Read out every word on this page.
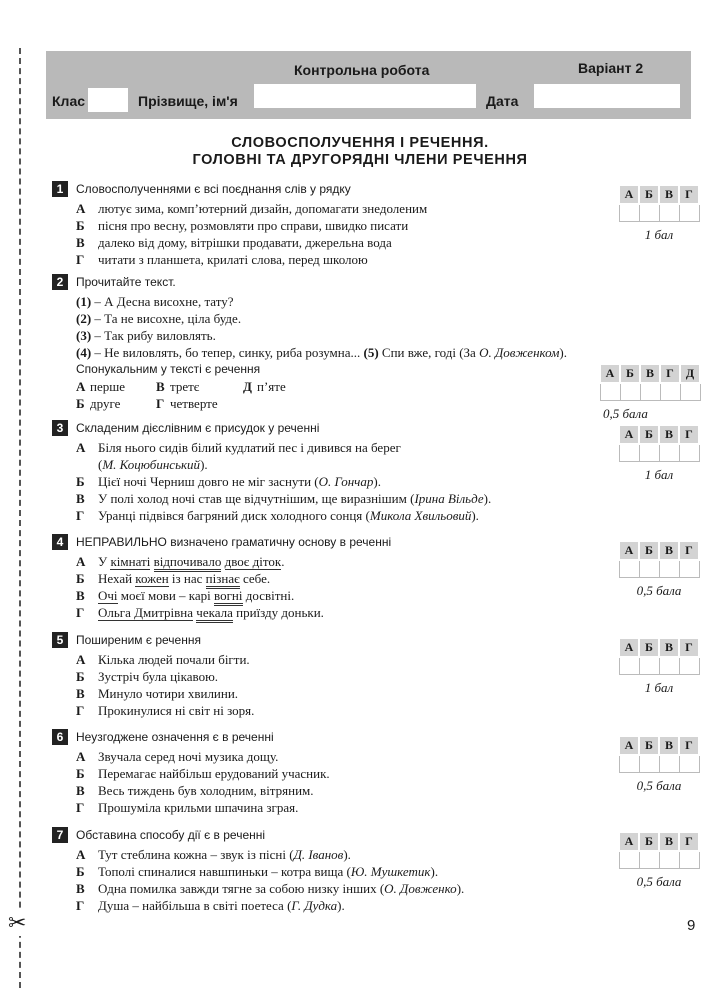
✂
Контрольна робота	Варіант 2
Клас	Прізвище, ім'я	Дата
СЛОВОСПОЛУЧЕННЯ І РЕЧЕННЯ.
ГОЛОВНІ ТА ДРУГОРЯДНІ ЧЛЕНИ РЕЧЕННЯ
1	Словосполученнями є всі поєднання слів у рядку
А лютує зима, комп’ютерний дизайн, допомагати знедоленим
Б пісня про весну, розмовляти про справи, швидко писати
В далеко від дому, вітрішки продавати, джерельна вода
Г читати з планшета, крилаті слова, перед школою
А	Б	В	Г

1 бал
2	Прочитайте текст.
(1) – А Десна висохне, тату?
(2) – Та не висохне, ціла буде.
(3) – Так рибу виловлять.
(4) – Не виловлять, бо тепер, синку, риба розумна... (5) Спи вже, годі (За О. Довженком).
Спонукальним у тексті є речення
А перше	В третє	Д п’яте
Б друге	Г четверте
А	Б	В	Г	Д

0,5 бала
3	Складеним дієслівним є присудок у реченні
А Біля нього сидів білий кудлатий пес і дивився на берег
(М. Коцюбинський).
Б Цієї ночі Черниш довго не міг заснути (О. Гончар).
В У полі холод ночі став ще відчутнішим, ще виразнішим (Ірина Вільде).
Г Уранці підвівся багряний диск холодного сонця (Микола Хвильовий).
А	Б	В	Г

1 бал
4	НЕПРАВИЛЬНО визначено граматичну основу в реченні
А У кімнаті відпочивало двоє діток.
Б Нехай кожен із нас пізнає себе.
В Очі моєї мови – карі вогні досвітні.
Г Ольга Дмитрівна чекала приїзду доньки.
А	Б	В	Г

0,5 бала
5	Поширеним є речення
А Кілька людей почали бігти.
Б Зустріч була цікавою.
В Минуло чотири хвилини.
Г Прокинулися ні світ ні зоря.
А	Б	В	Г

1 бал
6	Неузгоджене означення є в реченні
А Звучала серед ночі музика дощу.
Б Перемагає найбільш ерудований учасник.
В Весь тиждень був холодним, вітряним.
Г Прошуміла крильми шпачина зграя.
А	Б	В	Г

0,5 бала
7	Обставина способу дії є в реченні
А Тут стеблина кожна – звук із пісні (Д. Іванов).
Б Тополі спиналися навшпиньки – котра вища (Ю. Мушкетик).
В Одна помилка завжди тягне за собою низку інших (О. Довженко).
Г Душа – найбільша в світі поетеса (Г. Дудка).
А	Б	В	Г

0,5 бала
9
